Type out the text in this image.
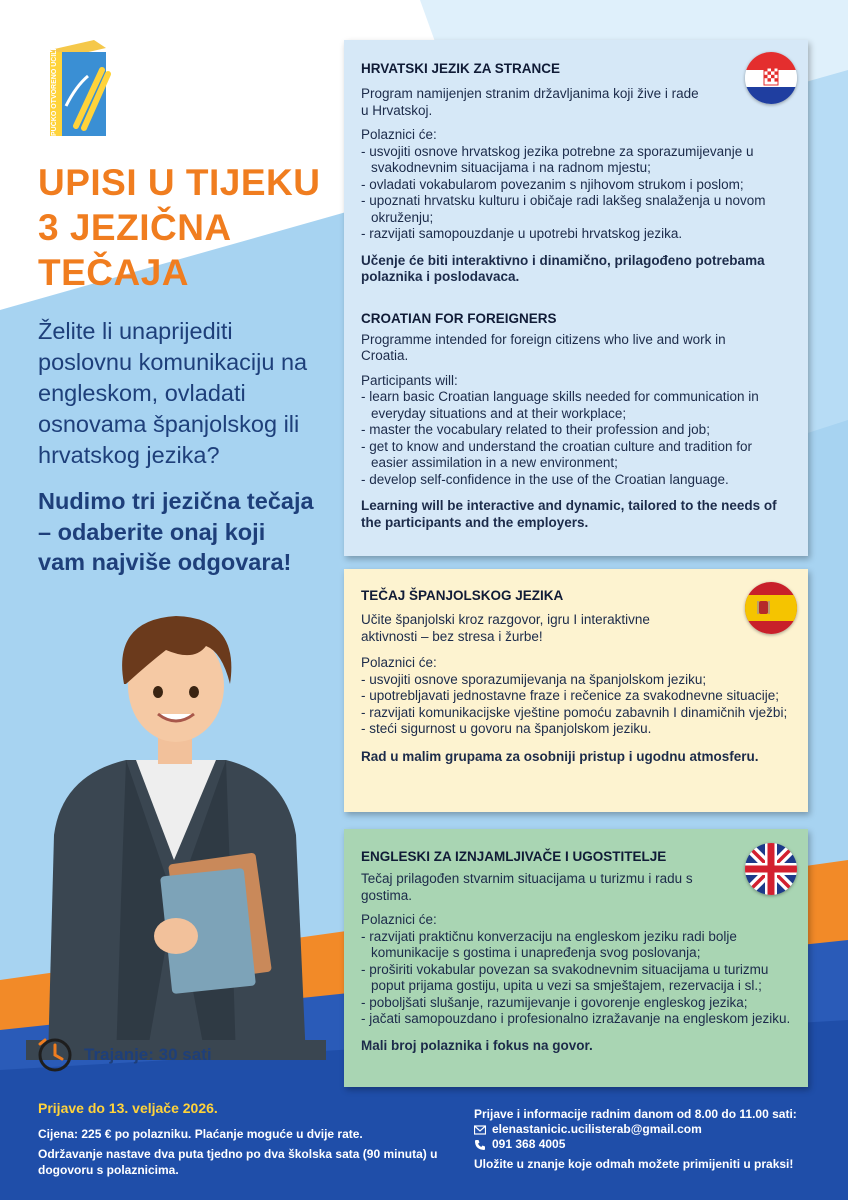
PUČKO OTVORENO UČILIŠTE	rab
UPISI U TIJEKU
3 JEZIČNA
TEČAJA
Želite li unaprijediti poslovnu komunikaciju na engleskom, ovladati osnovama španjolskog ili hrvatskog jezika?
Nudimo tri jezična tečaja – odaberite onaj koji vam najviše odgovara!
Trajanje: 30 sati
HRVATSKI JEZIK ZA STRANCE

Program namijenjen stranim državljanima koji žive i rade u Hrvatskoj.

Polaznici će:

- usvojiti osnove hrvatskog jezika potrebne za sporazumijevanje u svakodnevnim situacijama i na radnom mjestu;
- ovladati vokabularom povezanim s njihovom strukom i poslom;
- upoznati hrvatsku kulturu i običaje radi lakšeg snalaženja u novom okruženju;
- razvijati samopouzdanje u upotrebi hrvatskog jezika.

Učenje će biti interaktivno i dinamično, prilagođeno potrebama polaznika i poslodavaca.

CROATIAN FOR FOREIGNERS

Programme intended for foreign citizens who live and work in Croatia.

Participants will:

- learn basic Croatian language skills needed for communication in everyday situations and at their workplace;
- master the vocabulary related to their profession and job;
- get to know and understand the croatian culture and tradition for easier assimilation in a new environment;
- develop self-confidence in the use of the Croatian language.

Learning will be interactive and dynamic, tailored to the needs of the participants and the employers.

TEČAJ ŠPANJOLSKOG JEZIKA

Učite španjolski kroz razgovor, igru I interaktivne aktivnosti – bez stresa i žurbe!

Polaznici će:

- usvojiti osnove sporazumijevanja na španjolskom jeziku;
- upotrebljavati jednostavne fraze i rečenice za svakodnevne situacije;
- razvijati komunikacijske vještine pomoću zabavnih I dinamičnih vježbi;
- steći sigurnost u govoru na španjolskom jeziku.

Rad u malim grupama za osobniji pristup i ugodnu atmosferu.

ENGLESKI ZA IZNJAMLJIVAČE I UGOSTITELJE

Tečaj prilagođen stvarnim situacijama u turizmu i radu s gostima.

Polaznici će:

- razvijati praktičnu konverzaciju na engleskom jeziku radi bolje komunikacije s gostima i unapređenja svog poslovanja;
- proširiti vokabular povezan sa svakodnevnim situacijama u turizmu poput prijama gostiju, upita u vezi sa smještajem, rezervacija i sl.;
- poboljšati slušanje, razumijevanje i govorenje engleskog jezika;
- jačati samopouzdano i profesionalno izražavanje na engleskom jeziku.

Mali broj polaznika i fokus na govor.

Prijave do 13. veljače 2026.

Cijena: 225 € po polazniku. Plaćanje moguće u dvije rate.

Održavanje nastave dva puta tjedno po dva školska sata (90 minuta) u dogovoru s polaznicima.

Prijave i informacije radnim danom od 8.00 do 11.00 sati:
elenastanicic.ucilisterab@gmail.com
091 368 4005
Uložite u znanje koje odmah možete primijeniti u praksi!
